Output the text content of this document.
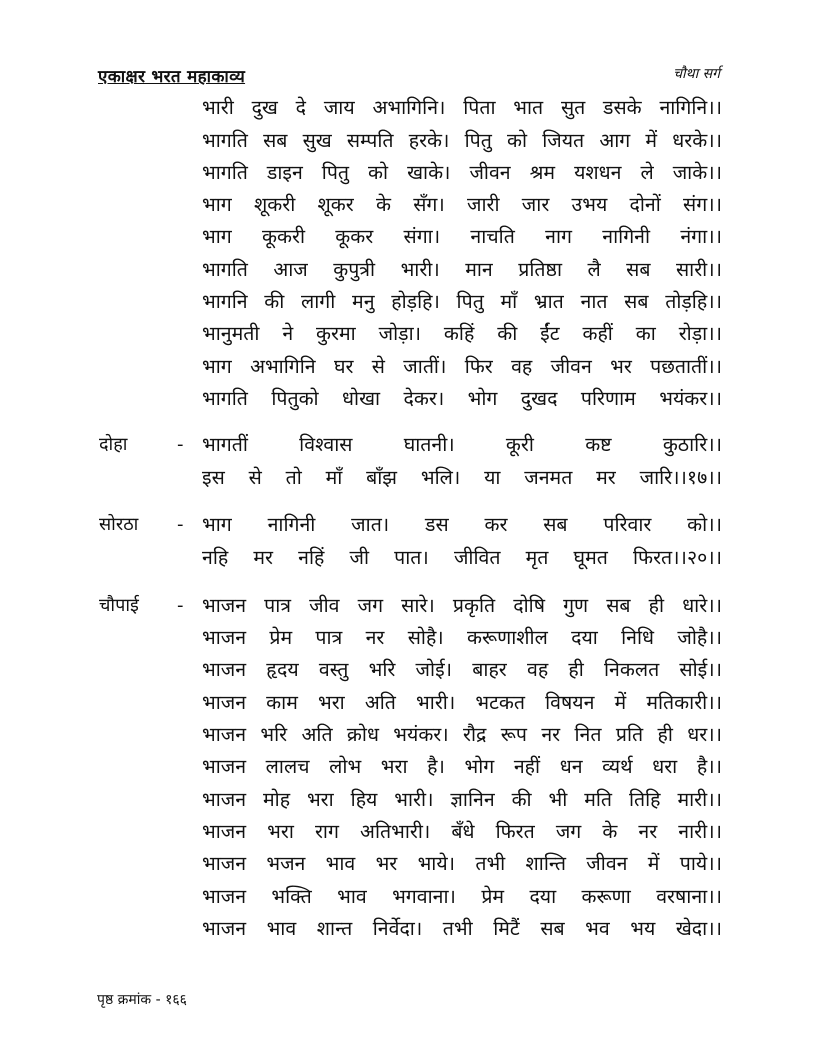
एकाक्षर भरत महाकाव्य	चौथा सर्ग
भारी दुख दे जाय अभागिनि। पिता भात सुत डसके नागिनि।।
भागति सब सुख सम्पति हरके। पितु को जियत आग में धरके।।
भागति डाइन पितु को खाके। जीवन श्रम यशधन ले जाके।।
भाग शूकरी शूकर के सँग। जारी जार उभय दोनों संग।।
भाग कूकरी कूकर संगा। नाचति नाग नागिनी नंगा।।
भागति आज कुपुत्री भारी। मान प्रतिष्ठा लै सब सारी।।
भागनि की लागी मनु होड़हि। पितु माँ भ्रात नात सब तोड़हि।।
भानुमती ने कुरमा जोड़ा। कहिं की ईंट कहीं का रोड़ा।।
भाग अभागिनि घर से जातीं। फिर वह जीवन भर पछतातीं।।
भागति पितुको धोखा देकर। भोग दुखद परिणाम भयंकर।।
दोहा	- भागतीं विश्वास घातनी। कूरी कष्ट कुठारि।।
इस से तो माँ बाँझ भलि। या जनमत मर जारि।।१७।।
सोरठा - भाग नागिनी जात। डस कर सब परिवार को।।
नहि मर नहिं जी पात। जीवित मृत घूमत फिरत।।२०।।
चौपाई - भाजन पात्र जीव जग सारे। प्रकृति दोषि गुण सब ही धारे।।
भाजन प्रेम पात्र नर सोहै। करूणाशील दया निधि जोहै।।
भाजन हृदय वस्तु भरि जोई। बाहर वह ही निकलत सोई।।
भाजन काम भरा अति भारी। भटकत विषयन में मतिकारी।।
भाजन भरि अति क्रोध भयंकर। रौद्र रूप नर नित प्रति ही धर।।
भाजन लालच लोभ भरा है। भोग नहीं धन व्यर्थ धरा है।।
भाजन मोह भरा हिय भारी। ज्ञानिन की भी मति तिहि मारी।।
भाजन भरा राग अतिभारी। बँधे फिरत जग के नर नारी।।
भाजन भजन भाव भर भाये। तभी शान्ति जीवन में पाये।।
भाजन भक्ति भाव भगवाना। प्रेम दया करूणा वरषाना।।
भाजन भाव शान्त निर्वेदा। तभी मिटैं सब भव भय खेदा।।
पृष्ठ क्रमांक - १६६
